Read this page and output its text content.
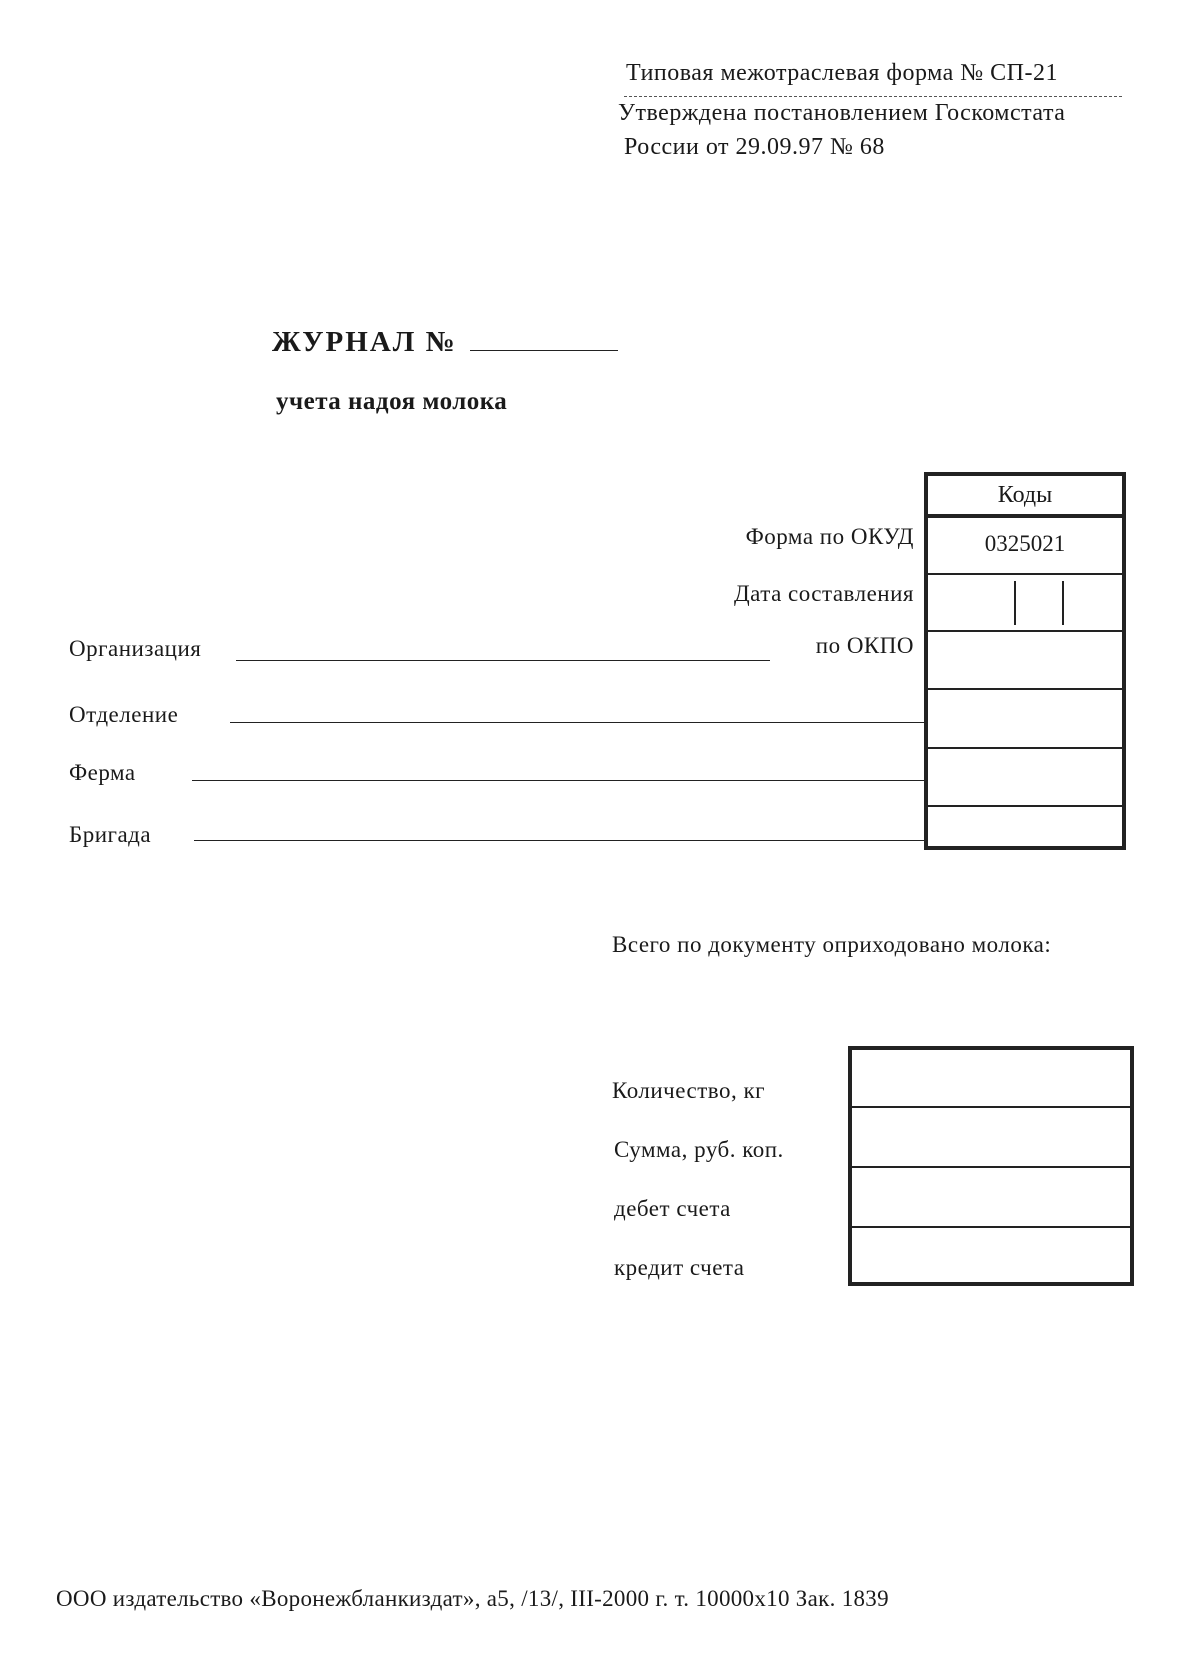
Типовая межотраслевая форма № СП-21
Утверждена постановлением Госкомстата
России от 29.09.97 № 68
ЖУРНАЛ №
учета надоя молока
Форма по ОКУД
Дата составления
по ОКПО
Коды
0325021
Организация
Отделение
Ферма
Бригада
Всего по документу оприходовано молока:
Количество, кг
Сумма, руб. коп.
дебет счета
кредит счета
ООО издательство «Воронежбланкиздат», а5, /13/, III-2000 г. т. 10000х10 Зак. 1839
